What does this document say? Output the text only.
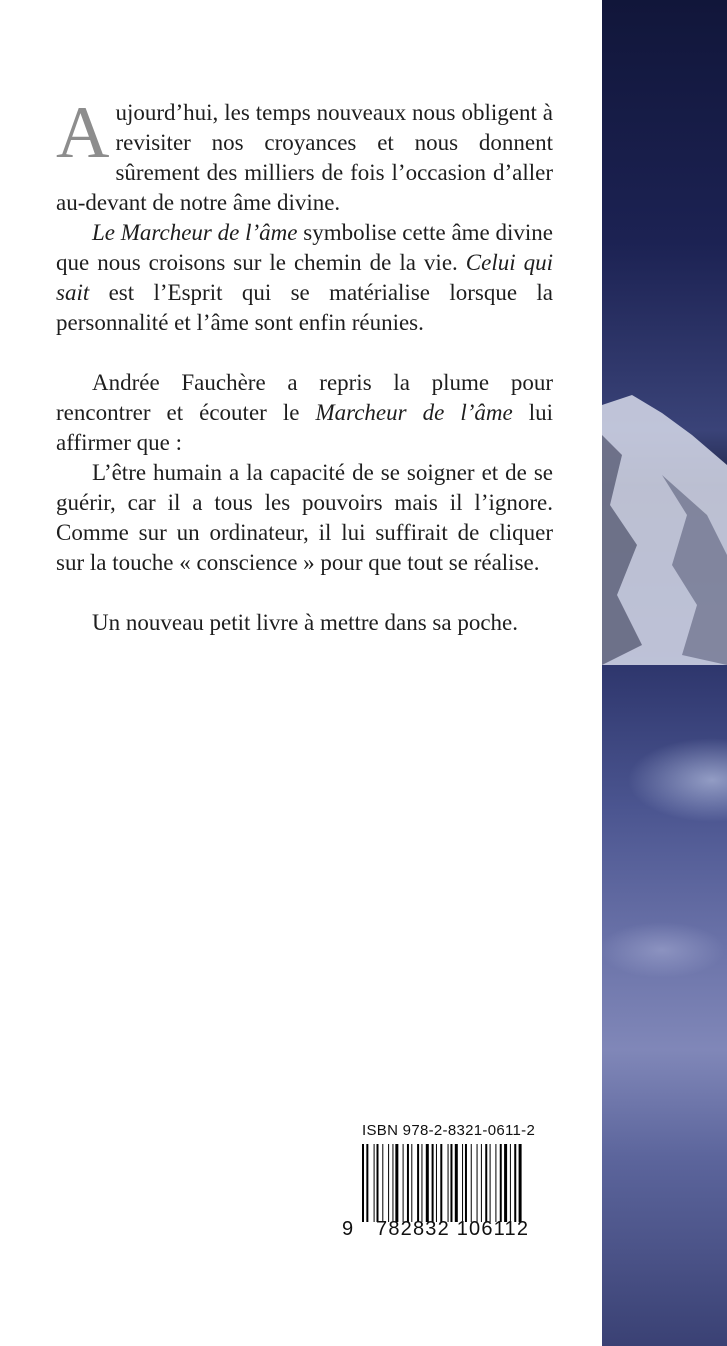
Aujourd’hui, les temps nouveaux nous obligent à revisiter nos croyances et nous donnent sûrement des milliers de fois l’occasion d’aller au-devant de notre âme divine.

Le Marcheur de l’âme symbolise cette âme divine que nous croisons sur le chemin de la vie. Celui qui sait est l’Esprit qui se matérialise lorsque la personnalité et l’âme sont enfin réunies.

Andrée Fauchère a repris la plume pour rencontrer et écouter le Marcheur de l’âme lui affirmer que :

L’être humain a la capacité de se soigner et de se guérir, car il a tous les pouvoirs mais il l’ignore. Comme sur un ordinateur, il lui suffirait de cliquer sur la touche « conscience » pour que tout se réalise.

Un nouveau petit livre à mettre dans sa poche.

ISBN 978-2-8321-0611-2
9 782832 106112
